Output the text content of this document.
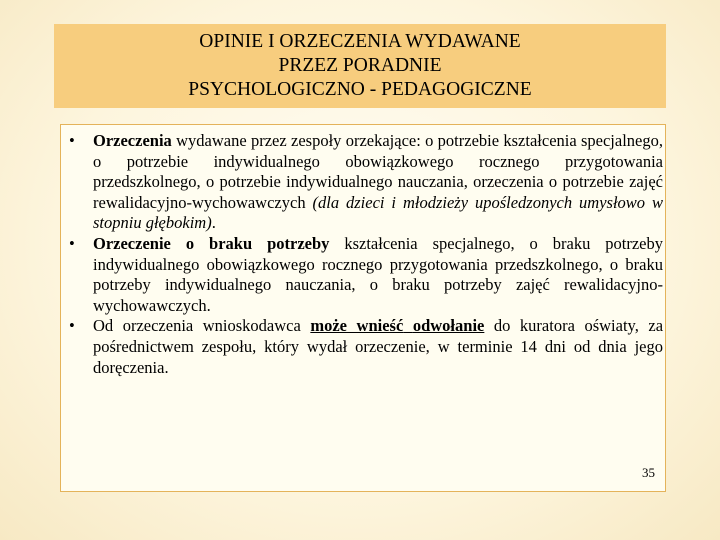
OPINIE I ORZECZENIA WYDAWANE
PRZEZ PORADNIE
PSYCHOLOGICZNO - PEDAGOGICZNE
•	Orzeczenia wydawane przez zespoły orzekające: o potrzebie kształcenia specjalnego, o potrzebie indywidualnego obowiązkowego rocznego przygotowania przedszkolnego, o potrzebie indywidualnego nauczania, orzeczenia o potrzebie zajęć rewalidacyjno-wychowawczych (dla dzieci i młodzieży upośledzonych umysłowo w stopniu głębokim).
•	Orzeczenie o braku potrzeby kształcenia specjalnego, o braku potrzeby indywidualnego obowiązkowego rocznego przygotowania przedszkolnego, o braku potrzeby indywidualnego nauczania, o braku potrzeby zajęć rewalidacyjno-wychowawczych.
•	Od orzeczenia wnioskodawca może wnieść odwołanie do kuratora oświaty, za pośrednictwem zespołu, który wydał orzeczenie, w terminie 14 dni od dnia jego doręczenia.
35
